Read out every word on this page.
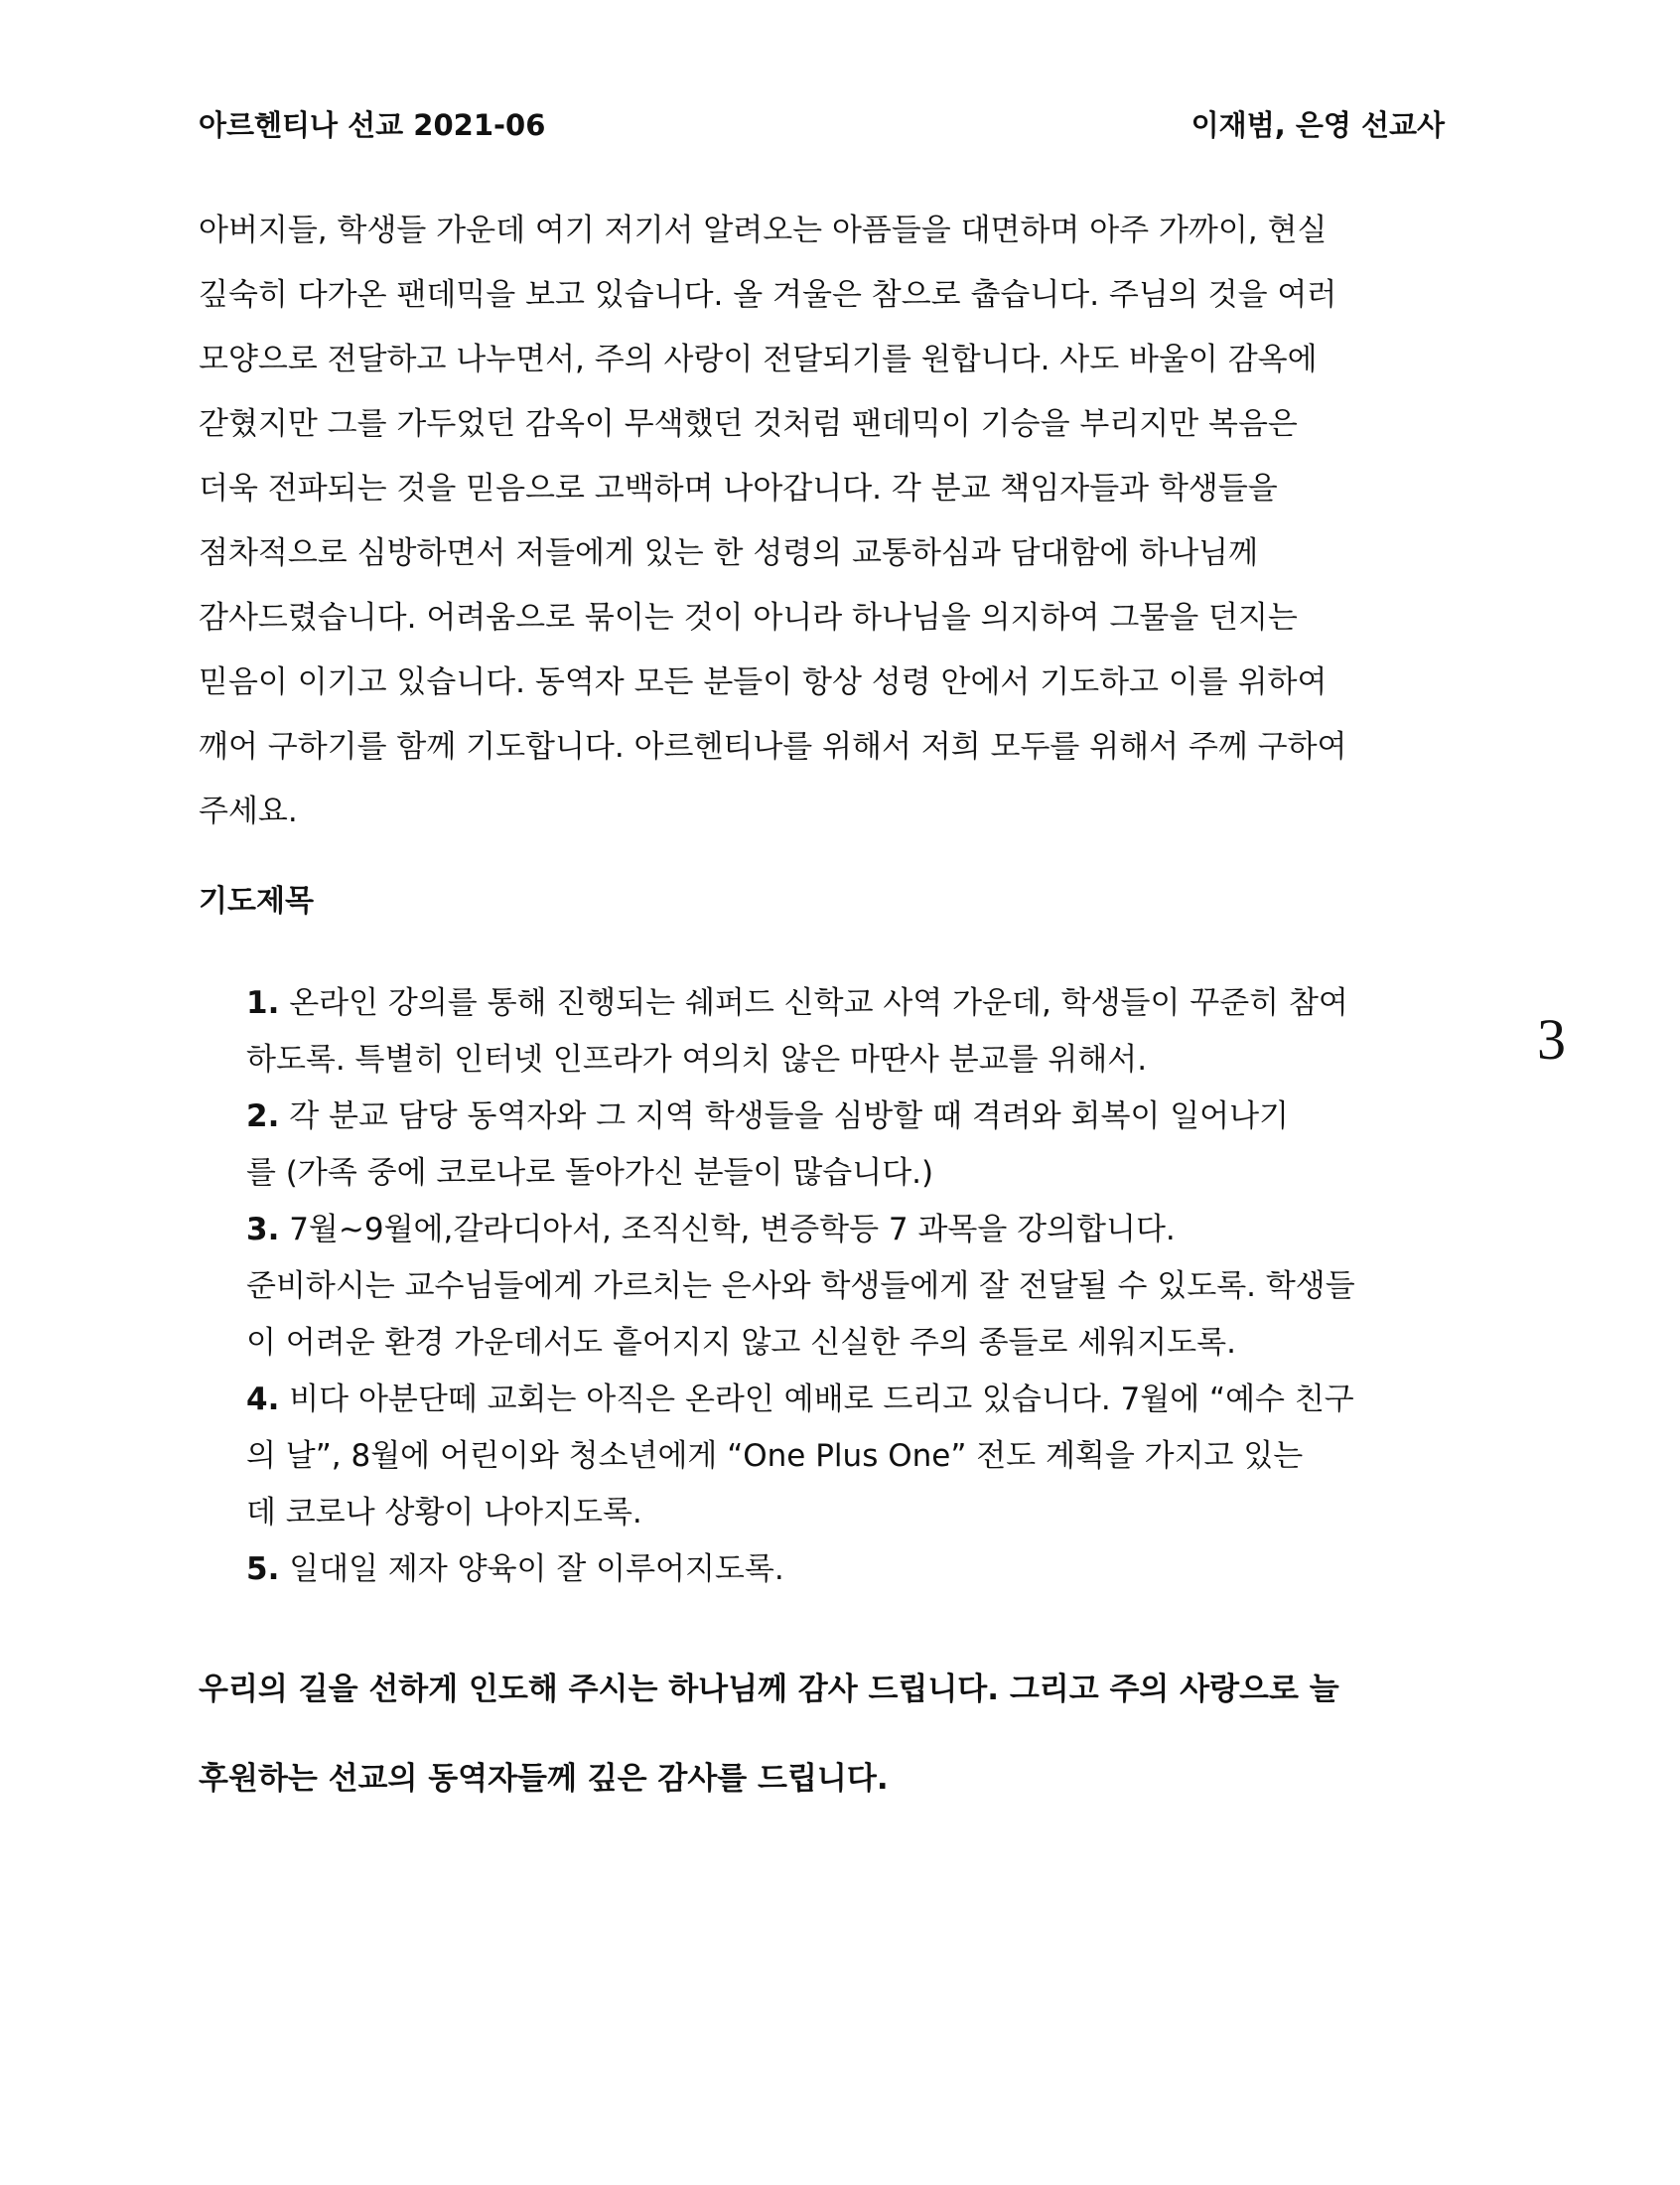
아르헨티나 선교 2021-06	이재범, 은영 선교사
아버지들, 학생들 가운데 여기 저기서 알려오는 아픔들을 대면하며 아주 가까이, 현실
깊숙히 다가온 팬데믹을 보고 있습니다. 올 겨울은 참으로 춥습니다. 주님의 것을 여러
모양으로 전달하고 나누면서, 주의 사랑이 전달되기를 원합니다. 사도 바울이 감옥에
갇혔지만 그를 가두었던 감옥이 무색했던 것처럼 팬데믹이 기승을 부리지만 복음은
더욱 전파되는 것을 믿음으로 고백하며 나아갑니다. 각 분교 책임자들과 학생들을
점차적으로 심방하면서 저들에게 있는 한 성령의 교통하심과 담대함에 하나님께
감사드렸습니다. 어려움으로 묶이는 것이 아니라 하나님을 의지하여 그물을 던지는
믿음이 이기고 있습니다. 동역자 모든 분들이 항상 성령 안에서 기도하고 이를 위하여
깨어 구하기를 함께 기도합니다. 아르헨티나를 위해서 저희 모두를 위해서 주께 구하여
주세요.
기도제목
1. 온라인 강의를 통해 진행되는 쉐퍼드 신학교 사역 가운데, 학생들이 꾸준히 참여
하도록. 특별히 인터넷 인프라가 여의치 않은 마딴사 분교를 위해서.
2. 각 분교 담당 동역자와 그 지역 학생들을 심방할 때 격려와 회복이 일어나기
를 (가족 중에 코로나로 돌아가신 분들이 많습니다.)
3. 7월~9월에,갈라디아서, 조직신학, 변증학등 7 과목을 강의합니다.
준비하시는 교수님들에게 가르치는 은사와 학생들에게 잘 전달될 수 있도록. 학생들
이 어려운 환경 가운데서도 흩어지지 않고 신실한 주의 종들로 세워지도록.
4. 비다 아분단떼 교회는 아직은 온라인 예배로 드리고 있습니다. 7월에 “예수 친구
의 날”, 8월에 어린이와 청소년에게 “One Plus One” 전도 계획을 가지고 있는
데 코로나 상황이 나아지도록.
5. 일대일 제자 양육이 잘 이루어지도록.
3
우리의 길을 선하게 인도해 주시는 하나님께 감사 드립니다. 그리고 주의 사랑으로 늘
후원하는 선교의 동역자들께 깊은 감사를 드립니다.
